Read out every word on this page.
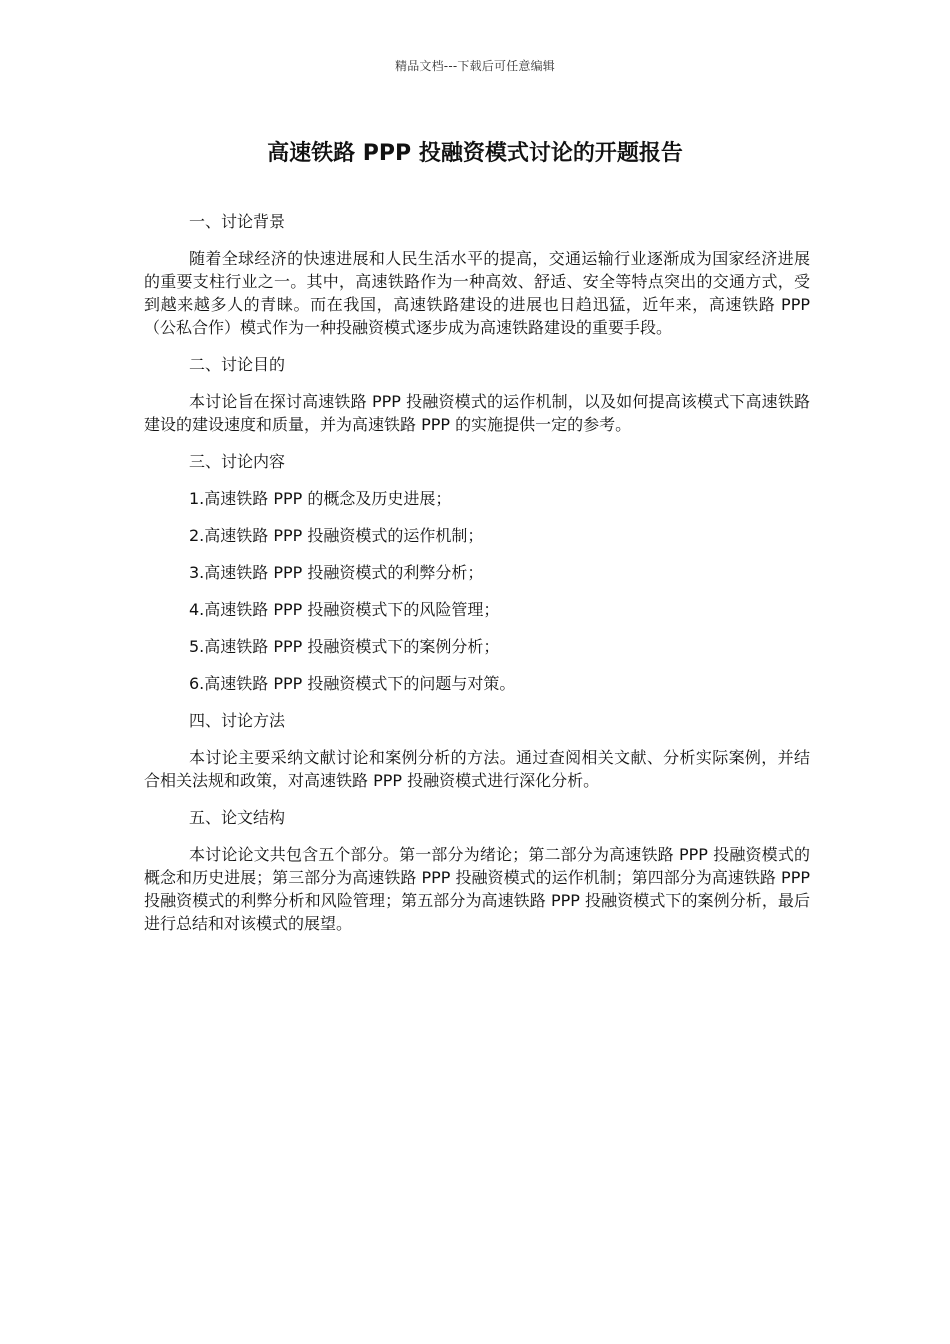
精品文档---下载后可任意编辑
高速铁路 PPP 投融资模式讨论的开题报告

一、讨论背景

随着全球经济的快速进展和人民生活水平的提高，交通运输行业逐渐成为国家经济进展的重要支柱行业之一。其中，高速铁路作为一种高效、舒适、安全等特点突出的交通方式，受到越来越多人的青睐。而在我国，高速铁路建设的进展也日趋迅猛，近年来，高速铁路 PPP（公私合作）模式作为一种投融资模式逐步成为高速铁路建设的重要手段。

二、讨论目的

本讨论旨在探讨高速铁路 PPP 投融资模式的运作机制，以及如何提高该模式下高速铁路建设的建设速度和质量，并为高速铁路 PPP 的实施提供一定的参考。

三、讨论内容

1.高速铁路 PPP 的概念及历史进展；

2.高速铁路 PPP 投融资模式的运作机制；

3.高速铁路 PPP 投融资模式的利弊分析；

4.高速铁路 PPP 投融资模式下的风险管理；

5.高速铁路 PPP 投融资模式下的案例分析；

6.高速铁路 PPP 投融资模式下的问题与对策。

四、讨论方法

本讨论主要采纳文献讨论和案例分析的方法。通过查阅相关文献、分析实际案例，并结合相关法规和政策，对高速铁路 PPP 投融资模式进行深化分析。

五、论文结构

本讨论论文共包含五个部分。第一部分为绪论；第二部分为高速铁路 PPP 投融资模式的概念和历史进展；第三部分为高速铁路 PPP 投融资模式的运作机制；第四部分为高速铁路 PPP 投融资模式的利弊分析和风险管理；第五部分为高速铁路 PPP 投融资模式下的案例分析，最后进行总结和对该模式的展望。
